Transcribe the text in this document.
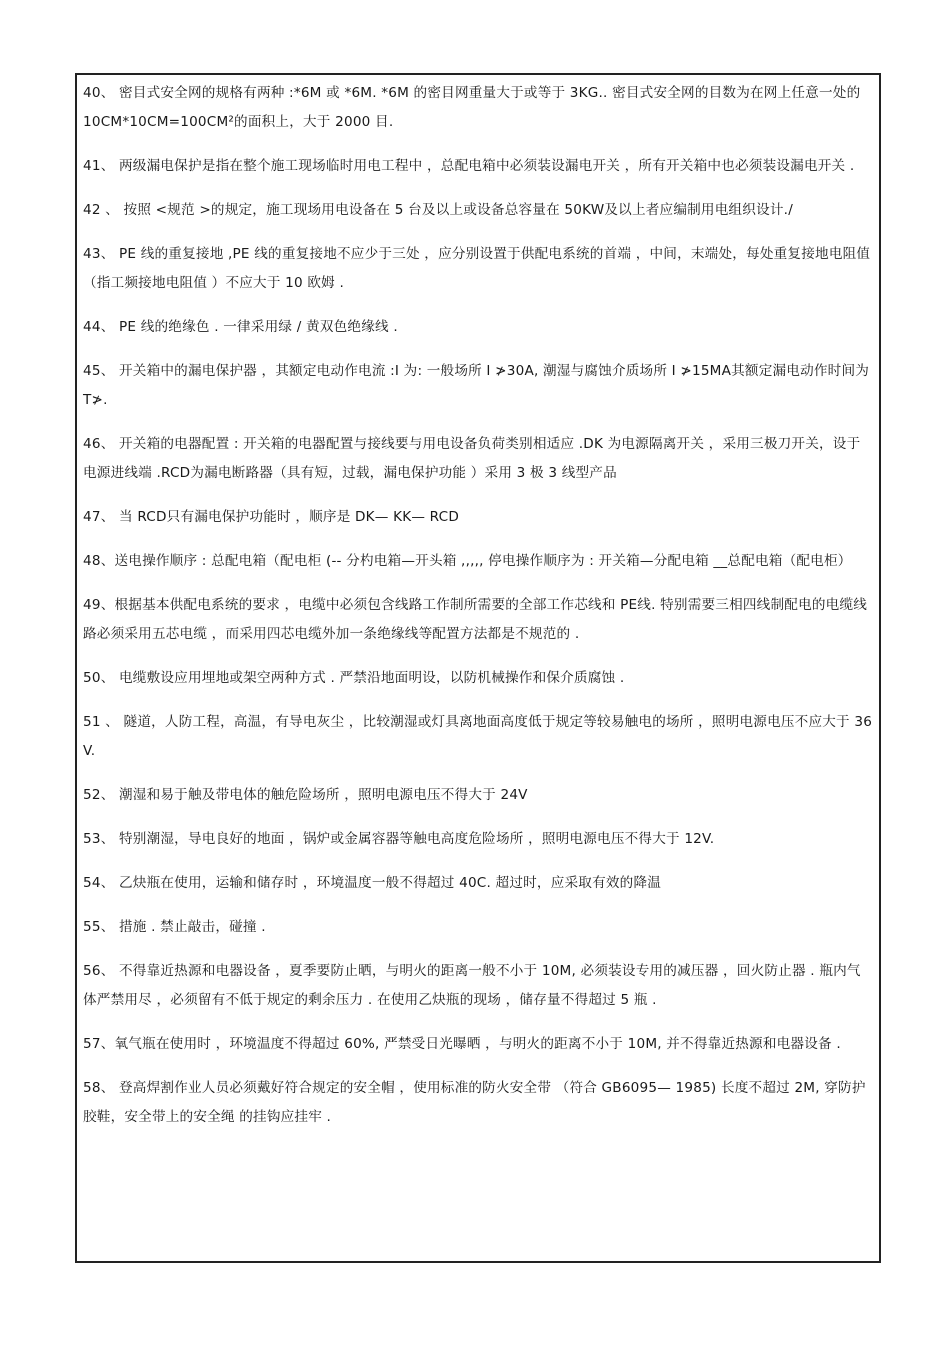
40、 密目式安全网的规格有两种 :*6M 或 *6M. *6M 的密目网重量大于或等于 3KG.. 密目式安全网的目数为在网上任意一处的 10CM*10CM=100CM²的面积上，大于 2000 目.

41、 两级漏电保护是指在整个施工现场临时用电工程中 ，总配电箱中必须装设漏电开关 ，所有开关箱中也必须装设漏电开关 .

42 、 按照 <规范 >的规定，施工现场用电设备在 5 台及以上或设备总容量在 50KW及以上者应编制用电组织设计./

43、 PE 线的重复接地 ,PE 线的重复接地不应少于三处 ，应分别设置于供配电系统的首端 ，中间，末端处，每处重复接地电阻值（指工频接地电阻值 ）不应大于 10 欧姆 .

44、 PE 线的绝缘色 . 一律采用绿 / 黄双色绝缘线 .

45、 开关箱中的漏电保护器 ，其额定电动作电流 :I 为: 一般场所 I ≯30A, 潮湿与腐蚀介质场所 I ≯15MA其额定漏电动作时间为 T≯.

46、 开关箱的电器配置 : 开关箱的电器配置与接线要与用电设备负荷类别相适应 .DK 为电源隔离开关 ，采用三极刀开关，设于电源进线端 .RCD为漏电断路器（具有短，过载，漏电保护功能 ）采用 3 极 3 线型产品

47、 当 RCD只有漏电保护功能时 ，顺序是 DK— KK— RCD

48、送电操作顺序 : 总配电箱（配电柜 (-- 分杓电箱—开头箱 ,,,,, 停电操作顺序为 : 开关箱—分配电箱 __总配电箱（配电柜）

49、根据基本供配电系统的要求 ，电缆中必须包含线路工作制所需要的全部工作芯线和 PE线. 特别需要三相四线制配电的电缆线路必须采用五芯电缆 ，而采用四芯电缆外加一条绝缘线等配置方法都是不规范的 .

50、 电缆敷设应用埋地或架空两种方式 . 严禁沿地面明设，以防机械操作和保介质腐蚀 .

51 、 隧道，人防工程，高温，有导电灰尘 ，比较潮湿或灯具离地面高度低于规定等较易触电的场所 ，照明电源电压不应大于 36V.

52、 潮湿和易于触及带电体的触危险场所 ，照明电源电压不得大于 24V

53、 特别潮湿，导电良好的地面 ，锅炉或金属容器等触电高度危险场所 ，照明电源电压不得大于 12V.

54、 乙炔瓶在使用，运输和储存时 ，环境温度一般不得超过 40C. 超过时，应采取有效的降温

55、 措施 . 禁止敲击，碰撞 .

56、 不得靠近热源和电器设备 ，夏季要防止晒，与明火的距离一般不小于 10M, 必须装设专用的减压器 ，回火防止器 . 瓶内气体严禁用尽 ，必须留有不低于规定的剩余压力 . 在使用乙炔瓶的现场 ，储存量不得超过 5 瓶 .

57、氧气瓶在使用时 ，环境温度不得超过 60%, 严禁受日光曝晒 ，与明火的距离不小于 10M, 并不得靠近热源和电器设备 .

58、 登高焊割作业人员必须戴好符合规定的安全帽 ，使用标准的防火安全带 （符合 GB6095— 1985) 长度不超过 2M, 穿防护胶鞋，安全带上的安全绳 的挂钩应挂牢 .
